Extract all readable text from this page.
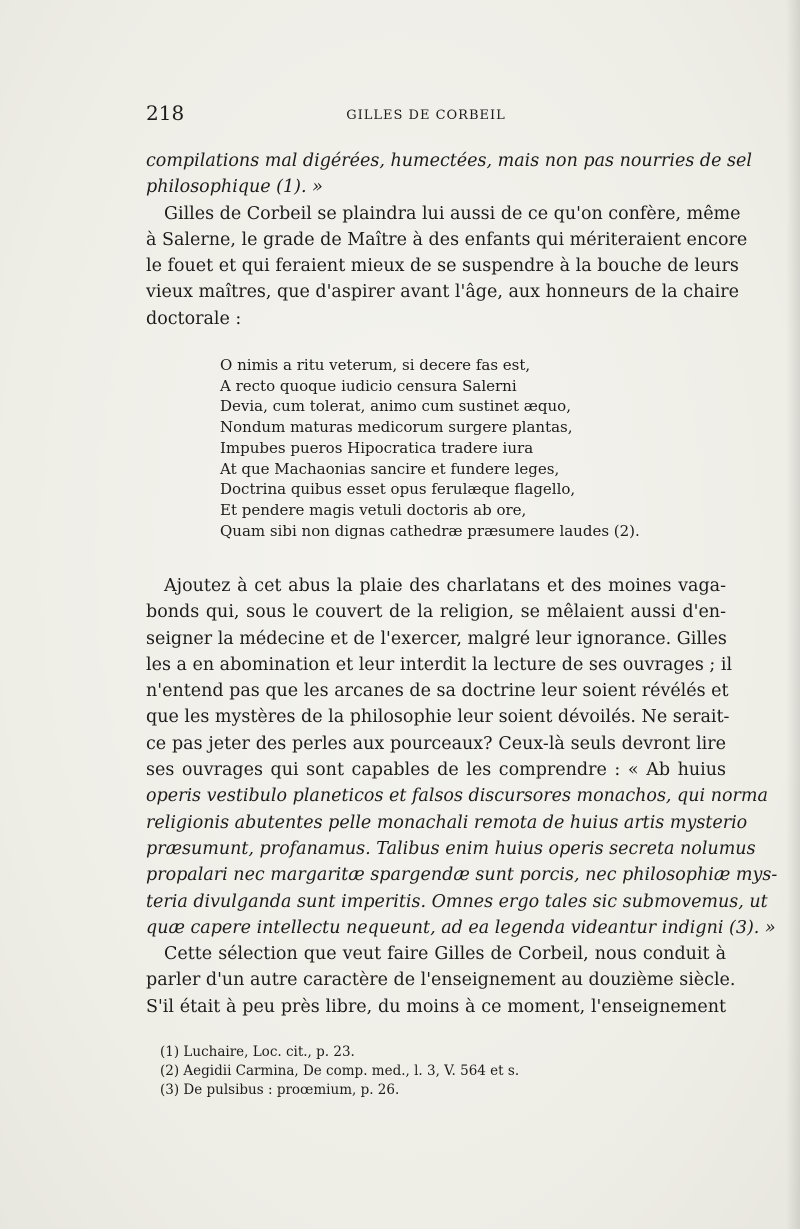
218	GILLES DE CORBEIL
compilations mal digérées, humectées, mais non pas nourries de sel
philosophique (1). »
Gilles de Corbeil se plaindra lui aussi de ce qu'on confère, même
à Salerne, le grade de Maître à des enfants qui mériteraient encore
le fouet et qui feraient mieux de se suspendre à la bouche de leurs
vieux maîtres, que d'aspirer avant l'âge, aux honneurs de la chaire
doctorale :
O nimis a ritu veterum, si decere fas est,
A recto quoque iudicio censura Salerni
Devia, cum tolerat, animo cum sustinet æquo,
Nondum maturas medicorum surgere plantas,
Impubes pueros Hipocratica tradere iura
At que Machaonias sancire et fundere leges,
Doctrina quibus esset opus ferulæque flagello,
Et pendere magis vetuli doctoris ab ore,
Quam sibi non dignas cathedræ præsumere laudes (2).
Ajoutez à cet abus la plaie des charlatans et des moines vaga-
bonds qui, sous le couvert de la religion, se mêlaient aussi d'en-
seigner la médecine et de l'exercer, malgré leur ignorance. Gilles
les a en abomination et leur interdit la lecture de ses ouvrages ; il
n'entend pas que les arcanes de sa doctrine leur soient révélés et
que les mystères de la philosophie leur soient dévoilés. Ne serait-
ce pas jeter des perles aux pourceaux? Ceux-là seuls devront lire
ses ouvrages qui sont capables de les comprendre : « Ab huius
operis vestibulo planeticos et falsos discursores monachos, qui norma
religionis abutentes pelle monachali remota de huius artis mysterio
præsumunt, profanamus. Talibus enim huius operis secreta nolumus
propalari nec margaritæ spargendæ sunt porcis, nec philosophiæ mys-
teria divulganda sunt imperitis. Omnes ergo tales sic submovemus, ut
quæ capere intellectu nequeunt, ad ea legenda videantur indigni (3). »
Cette sélection que veut faire Gilles de Corbeil, nous conduit à
parler d'un autre caractère de l'enseignement au douzième siècle.
S'il était à peu près libre, du moins à ce moment, l'enseignement
(1) Luchaire, Loc. cit., p. 23.
(2) Aegidii Carmina, De comp. med., l. 3, V. 564 et s.
(3) De pulsibus : proœmium, p. 26.
